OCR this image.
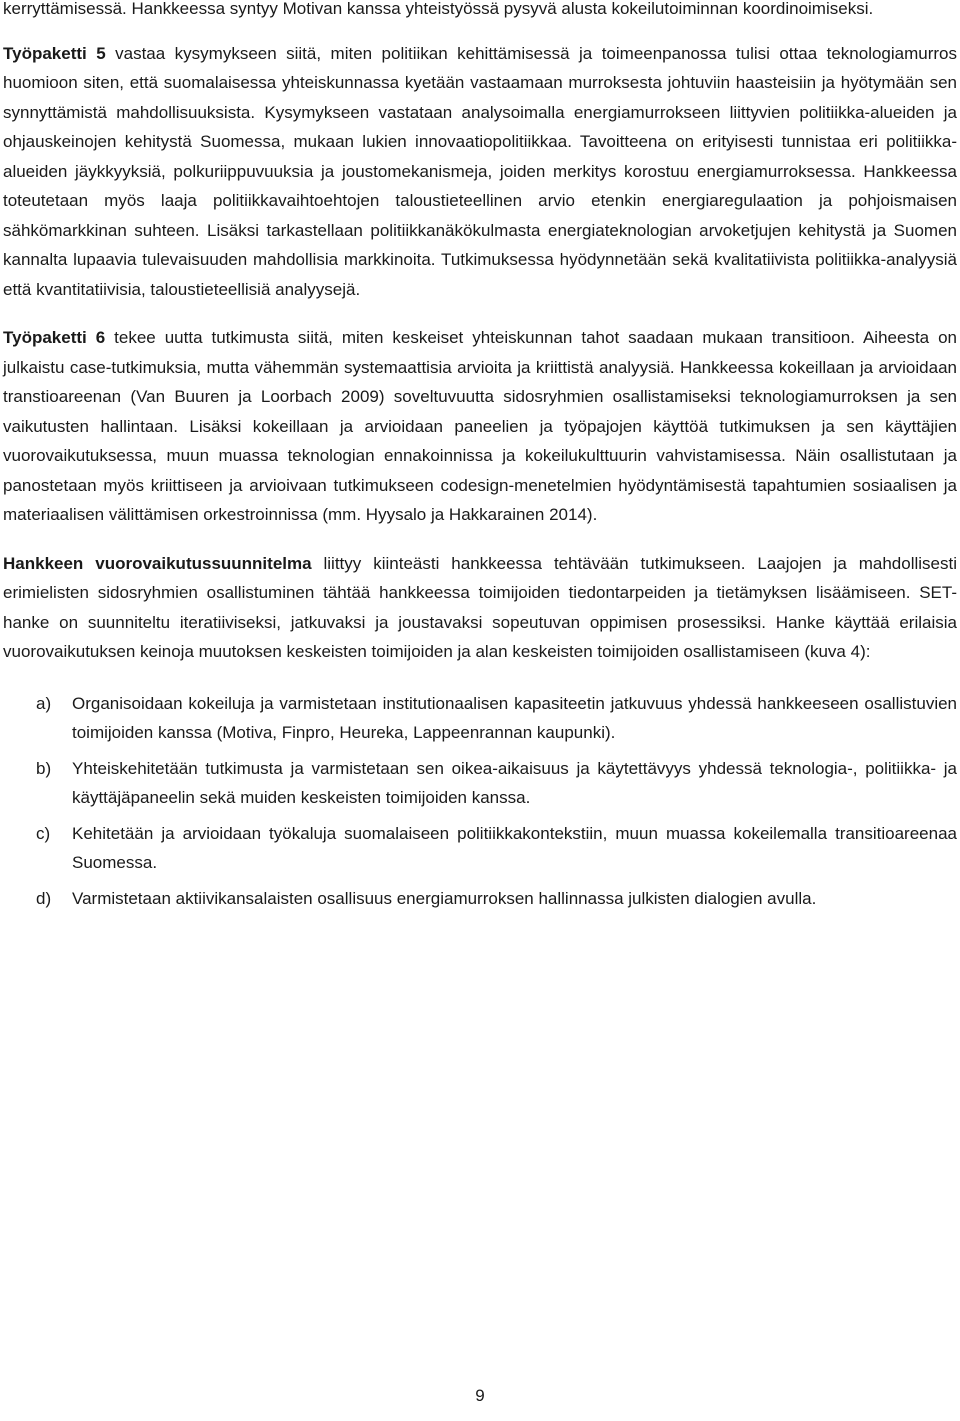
kerryttämisessä. Hankkeessa syntyy Motivan kanssa yhteistyössä pysyvä alusta kokeilutoiminnan koordinoimiseksi.

Työpaketti 5 vastaa kysymykseen siitä, miten politiikan kehittämisessä ja toimeenpanossa tulisi ottaa teknologiamurros huomioon siten, että suomalaisessa yhteiskunnassa kyetään vastaamaan murroksesta johtuviin haasteisiin ja hyötymään sen synnyttämistä mahdollisuuksista. Kysymykseen vastataan analysoimalla energiamurrokseen liittyvien politiikka-alueiden ja ohjauskeinojen kehitystä Suomessa, mukaan lukien innovaatiopolitiikkaa. Tavoitteena on erityisesti tunnistaa eri politiikka-alueiden jäykkyyksiä, polkuriippuvuuksia ja joustomekanismeja, joiden merkitys korostuu energiamurroksessa. Hankkeessa toteutetaan myös laaja politiikkavaihtoehtojen taloustieteellinen arvio etenkin energiaregulaation ja pohjoismaisen sähkömarkkinan suhteen. Lisäksi tarkastellaan politiikkanäkökulmasta energiateknologian arvoketjujen kehitystä ja Suomen kannalta lupaavia tulevaisuuden mahdollisia markkinoita. Tutkimuksessa hyödynnetään sekä kvalitatiivista politiikka-analyysiä että kvantitatiivisia, taloustieteellisiä analyysejä.

Työpaketti 6 tekee uutta tutkimusta siitä, miten keskeiset yhteiskunnan tahot saadaan mukaan transitioon. Aiheesta on julkaistu case-tutkimuksia, mutta vähemmän systemaattisia arvioita ja kriittistä analyysiä. Hankkeessa kokeillaan ja arvioidaan transtioareenan (Van Buuren ja Loorbach 2009) soveltuvuutta sidosryhmien osallistamiseksi teknologiamurroksen ja sen vaikutusten hallintaan. Lisäksi kokeillaan ja arvioidaan paneelien ja työpajojen käyttöä tutkimuksen ja sen käyttäjien vuorovaikutuksessa, muun muassa teknologian ennakoinnissa ja kokeilukulttuurin vahvistamisessa. Näin osallistutaan ja panostetaan myös kriittiseen ja arvioivaan tutkimukseen codesign-menetelmien hyödyntämisestä tapahtumien sosiaalisen ja materiaalisen välittämisen orkestroinnissa (mm. Hyysalo ja Hakkarainen 2014).

Hankkeen vuorovaikutussuunnitelma liittyy kiinteästi hankkeessa tehtävään tutkimukseen. Laajojen ja mahdollisesti erimielisten sidosryhmien osallistuminen tähtää hankkeessa toimijoiden tiedontarpeiden ja tietämyksen lisäämiseen. SET-hanke on suunniteltu iteratiiviseksi, jatkuvaksi ja joustavaksi sopeutuvan oppimisen prosessiksi. Hanke käyttää erilaisia vuorovaikutuksen keinoja muutoksen keskeisten toimijoiden ja alan keskeisten toimijoiden osallistamiseen (kuva 4):

a) Organisoidaan kokeiluja ja varmistetaan institutionaalisen kapasiteetin jatkuvuus yhdessä hankkeeseen osallistuvien toimijoiden kanssa (Motiva, Finpro, Heureka, Lappeenrannan kaupunki).
b) Yhteiskehitetään tutkimusta ja varmistetaan sen oikea-aikaisuus ja käytettävyys yhdessä teknologia-, politiikka- ja käyttäjäpaneelin sekä muiden keskeisten toimijoiden kanssa.
c) Kehitetään ja arvioidaan työkaluja suomalaiseen politiikkakontekstiin, muun muassa kokeilemalla transitioareenaa Suomessa.
d) Varmistetaan aktiivikansalaisten osallisuus energiamurroksen hallinnassa julkisten dialogien avulla.
9
